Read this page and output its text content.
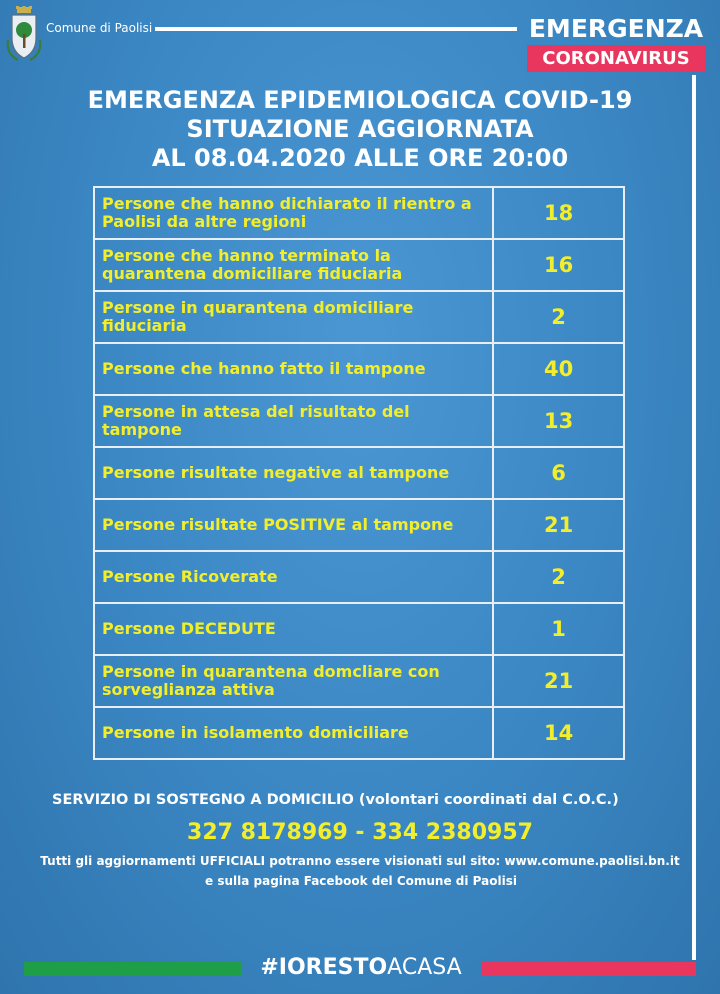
Comune di Paolisi	EMERGENZA
CORONAVIRUS
EMERGENZA EPIDEMIOLOGICA COVID-19
SITUAZIONE AGGIORNATA
AL 08.04.2020 ALLE ORE 20:00
Persone che hanno dichiarato il rientro a Paolisi da altre regioni	18
Persone che hanno terminato la quarantena domiciliare fiduciaria	16
Persone in quarantena domiciliare fiduciaria	2
Persone che hanno fatto il tampone	40
Persone in attesa del risultato del tampone	13
Persone risultate negative al tampone	6
Persone risultate POSITIVE al tampone	21
Persone Ricoverate	2
Persone DECEDUTE	1
Persone in quarantena domcliare con sorveglianza attiva	21
Persone in isolamento domiciliare	14
SERVIZIO DI SOSTEGNO A DOMICILIO (volontari coordinati dal C.O.C.)
327 8178969 - 334 2380957
Tutti gli aggiornamenti UFFICIALI potranno essere visionati sul sito: www.comune.paolisi.bn.it
e sulla pagina Facebook del Comune di Paolisi
#IORESTOACASA
